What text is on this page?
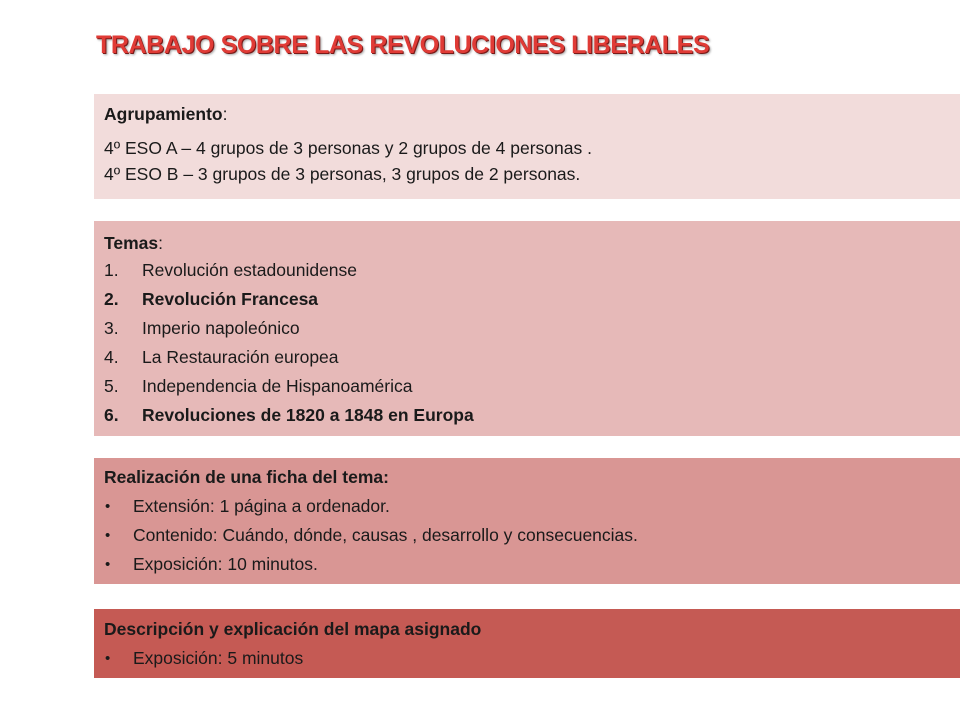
TRABAJO SOBRE LAS REVOLUCIONES LIBERALES
Agrupamiento:
4º ESO A – 4 grupos de 3 personas y 2 grupos de 4 personas .
4º ESO B – 3 grupos de 3 personas, 3 grupos de 2 personas.
Temas:
1. Revolución estadounidense
2. Revolución Francesa
3. Imperio napoleónico
4. La Restauración europea
5. Independencia de Hispanoamérica
6. Revoluciones de 1820 a 1848 en Europa
Realización de una ficha del tema:
• Extensión: 1 página a ordenador.
• Contenido: Cuándo, dónde, causas , desarrollo y consecuencias.
• Exposición: 10 minutos.
Descripción y explicación del mapa asignado
• Exposición: 5 minutos
